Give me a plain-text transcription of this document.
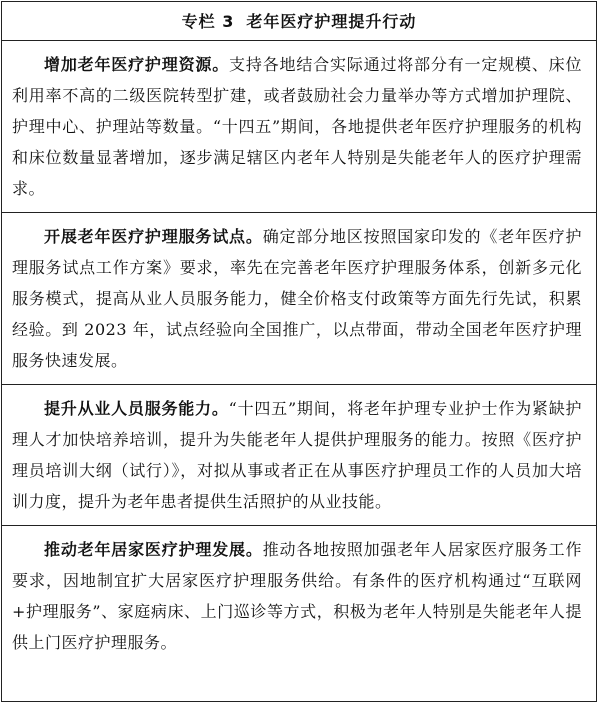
专栏 3 老年医疗护理提升行动
增加老年医疗护理资源。支持各地结合实际通过将部分有一定规模、床位利用率不高的二级医院转型扩建，或者鼓励社会力量举办等方式增加护理院、护理中心、护理站等数量。“十四五”期间，各地提供老年医疗护理服务的机构和床位数量显著增加，逐步满足辖区内老年人特别是失能老年人的医疗护理需求。
开展老年医疗护理服务试点。确定部分地区按照国家印发的《老年医疗护理服务试点工作方案》要求，率先在完善老年医疗护理服务体系，创新多元化服务模式，提高从业人员服务能力，健全价格支付政策等方面先行先试，积累经验。到 2023 年，试点经验向全国推广，以点带面，带动全国老年医疗护理服务快速发展。
提升从业人员服务能力。“十四五”期间，将老年护理专业护士作为紧缺护理人才加快培养培训，提升为失能老年人提供护理服务的能力。按照《医疗护理员培训大纲（试行）》，对拟从事或者正在从事医疗护理员工作的人员加大培训力度，提升为老年患者提供生活照护的从业技能。
推动老年居家医疗护理发展。推动各地按照加强老年人居家医疗服务工作要求，因地制宜扩大居家医疗护理服务供给。有条件的医疗机构通过“互联网+护理服务”、家庭病床、上门巡诊等方式，积极为老年人特别是失能老年人提供上门医疗护理服务。
